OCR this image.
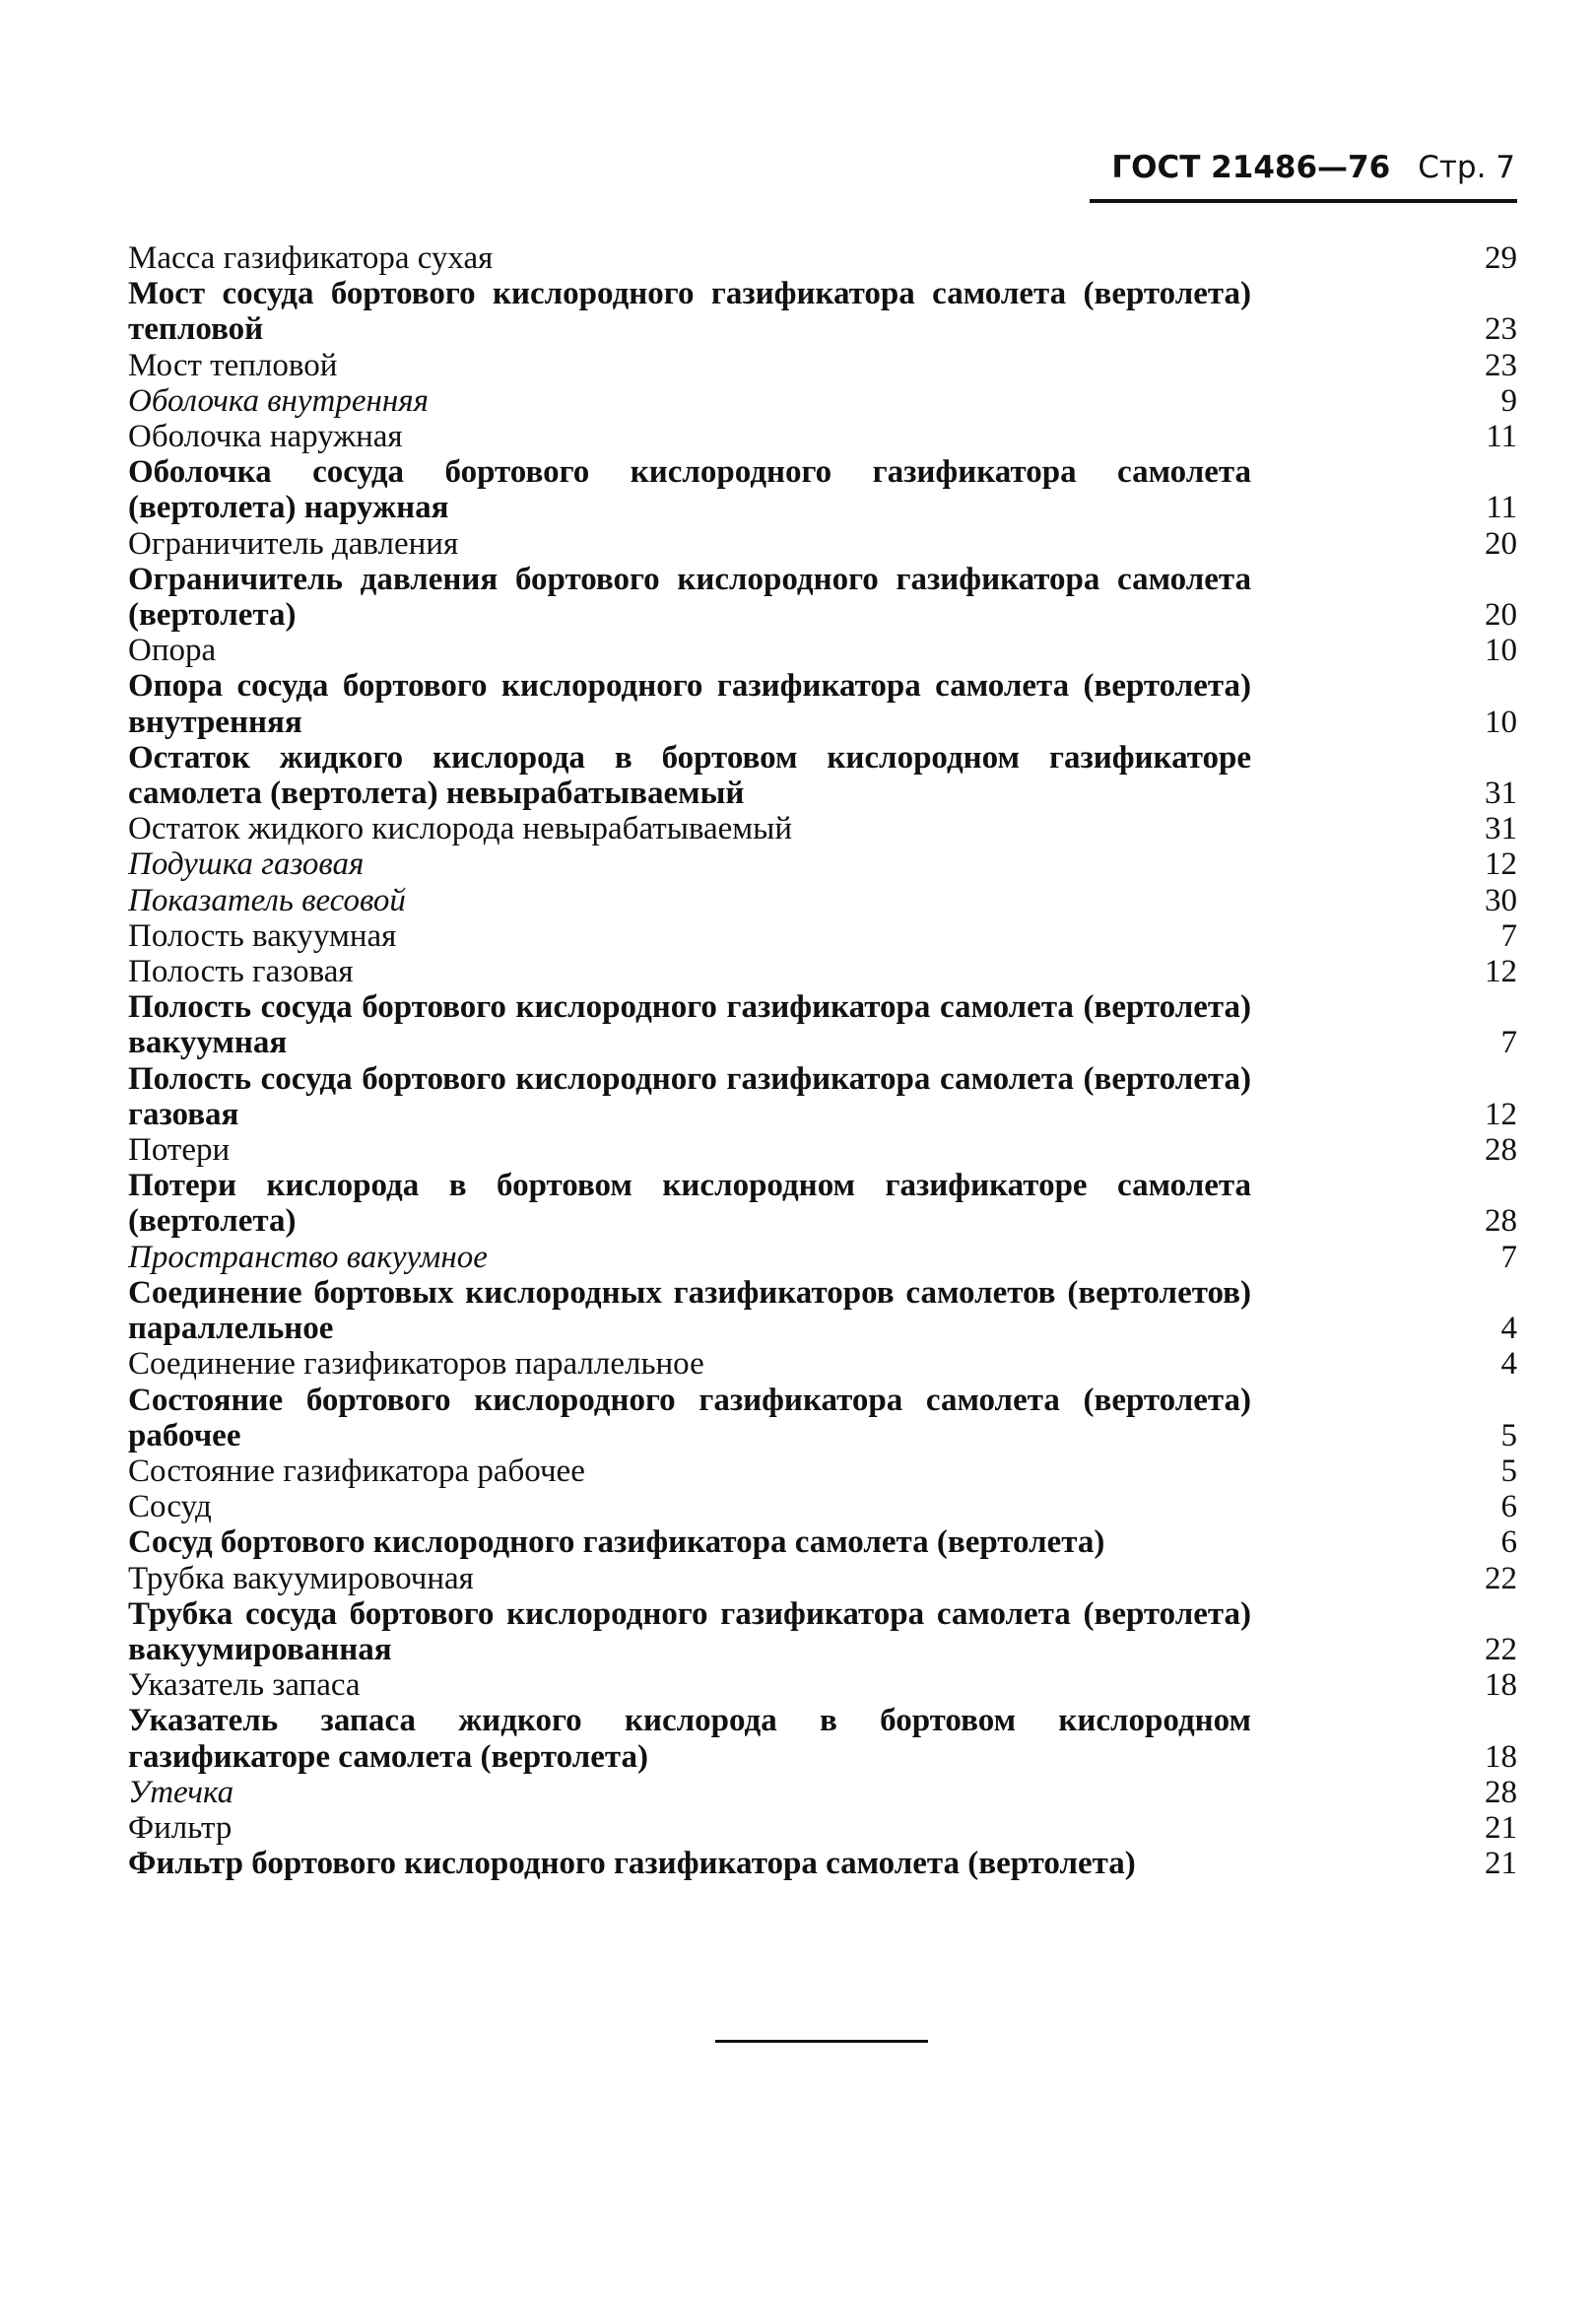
ГОСТ 21486—76 Стр. 7
Масса газификатора сухая	29
Мост сосуда бортового кислородного газификатора самолета (вертолета) тепловой	23
Мост тепловой	23
Оболочка внутренняя	9
Оболочка наружная	11
Оболочка сосуда бортового кислородного газификатора самолета (вертолета) наружная	11
Ограничитель давления	20
Ограничитель давления бортового кислородного газификатора самолета (вертолета)	20
Опора	10
Опора сосуда бортового кислородного газификатора самолета (вертолета) внутренняя	10
Остаток жидкого кислорода в бортовом кислородном газификаторе самолета (вертолета) невырабатываемый	31
Остаток жидкого кислорода невырабатываемый	31
Подушка газовая	12
Показатель весовой	30
Полость вакуумная	7
Полость газовая	12
Полость сосуда бортового кислородного газификатора самолета (вертолета) вакуумная	7
Полость сосуда бортового кислородного газификатора самолета (вертолета) газовая	12
Потери	28
Потери кислорода в бортовом кислородном газификаторе самолета (вертолета)	28
Пространство вакуумное	7
Соединение бортовых кислородных газификаторов самолетов (вертолетов) параллельное	4
Соединение газификаторов параллельное	4
Состояние бортового кислородного газификатора самолета (вертолета) рабочее	5
Состояние газификатора рабочее	5
Сосуд	6
Сосуд бортового кислородного газификатора самолета (вертолета)	6
Трубка вакуумировочная	22
Трубка сосуда бортового кислородного газификатора самолета (вертолета) вакуумированная	22
Указатель запаса	18
Указатель запаса жидкого кислорода в бортовом кислородном газификаторе самолета (вертолета)	18
Утечка	28
Фильтр	21
Фильтр бортового кислородного газификатора самолета (вертолета)	21
